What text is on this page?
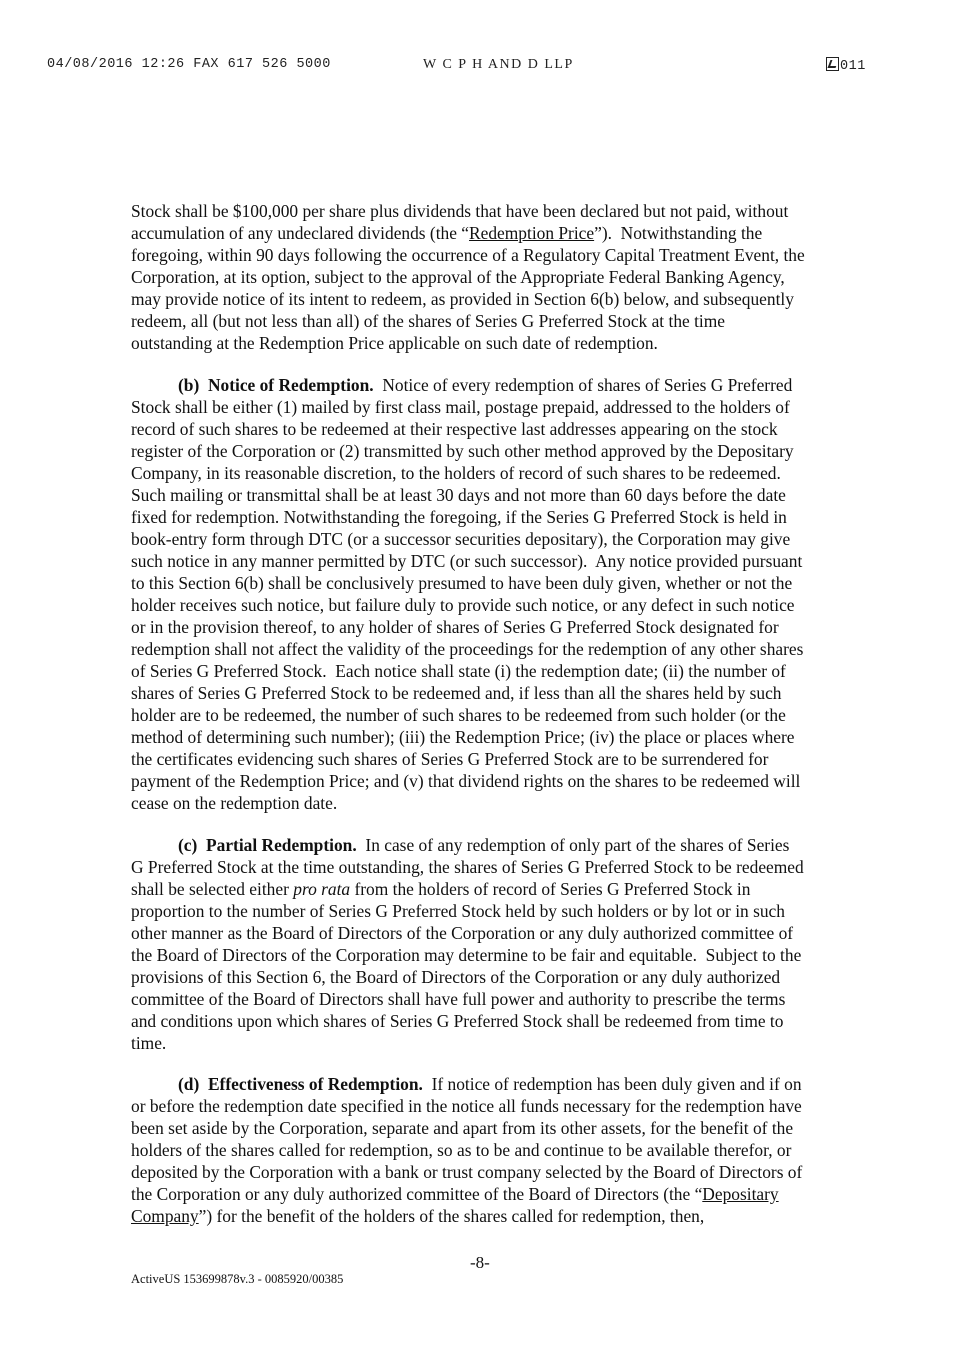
04/08/2016 12:26 FAX 617 526 5000	W C P H AND D LLP	011
Stock shall be $100,000 per share plus dividends that have been declared but not paid, without
accumulation of any undeclared dividends (the “Redemption Price”).  Notwithstanding the
foregoing, within 90 days following the occurrence of a Regulatory Capital Treatment Event, the
Corporation, at its option, subject to the approval of the Appropriate Federal Banking Agency,
may provide notice of its intent to redeem, as provided in Section 6(b) below, and subsequently
redeem, all (but not less than all) of the shares of Series G Preferred Stock at the time
outstanding at the Redemption Price applicable on such date of redemption.
(b)  Notice of Redemption.  Notice of every redemption of shares of Series G Preferred
Stock shall be either (1) mailed by first class mail, postage prepaid, addressed to the holders of
record of such shares to be redeemed at their respective last addresses appearing on the stock
register of the Corporation or (2) transmitted by such other method approved by the Depositary
Company, in its reasonable discretion, to the holders of record of such shares to be redeemed.
Such mailing or transmittal shall be at least 30 days and not more than 60 days before the date
fixed for redemption. Notwithstanding the foregoing, if the Series G Preferred Stock is held in
book-entry form through DTC (or a successor securities depositary), the Corporation may give
such notice in any manner permitted by DTC (or such successor).  Any notice provided pursuant
to this Section 6(b) shall be conclusively presumed to have been duly given, whether or not the
holder receives such notice, but failure duly to provide such notice, or any defect in such notice
or in the provision thereof, to any holder of shares of Series G Preferred Stock designated for
redemption shall not affect the validity of the proceedings for the redemption of any other shares
of Series G Preferred Stock.  Each notice shall state (i) the redemption date; (ii) the number of
shares of Series G Preferred Stock to be redeemed and, if less than all the shares held by such
holder are to be redeemed, the number of such shares to be redeemed from such holder (or the
method of determining such number); (iii) the Redemption Price; (iv) the place or places where
the certificates evidencing such shares of Series G Preferred Stock are to be surrendered for
payment of the Redemption Price; and (v) that dividend rights on the shares to be redeemed will
cease on the redemption date.
(c)  Partial Redemption.  In case of any redemption of only part of the shares of Series
G Preferred Stock at the time outstanding, the shares of Series G Preferred Stock to be redeemed
shall be selected either pro rata from the holders of record of Series G Preferred Stock in
proportion to the number of Series G Preferred Stock held by such holders or by lot or in such
other manner as the Board of Directors of the Corporation or any duly authorized committee of
the Board of Directors of the Corporation may determine to be fair and equitable.  Subject to the
provisions of this Section 6, the Board of Directors of the Corporation or any duly authorized
committee of the Board of Directors shall have full power and authority to prescribe the terms
and conditions upon which shares of Series G Preferred Stock shall be redeemed from time to
time.
(d)  Effectiveness of Redemption.  If notice of redemption has been duly given and if on
or before the redemption date specified in the notice all funds necessary for the redemption have
been set aside by the Corporation, separate and apart from its other assets, for the benefit of the
holders of the shares called for redemption, so as to be and continue to be available therefor, or
deposited by the Corporation with a bank or trust company selected by the Board of Directors of
the Corporation or any duly authorized committee of the Board of Directors (the “Depositary
Company”) for the benefit of the holders of the shares called for redemption, then,
-8-
ActiveUS 153699878v.3 - 0085920/00385
